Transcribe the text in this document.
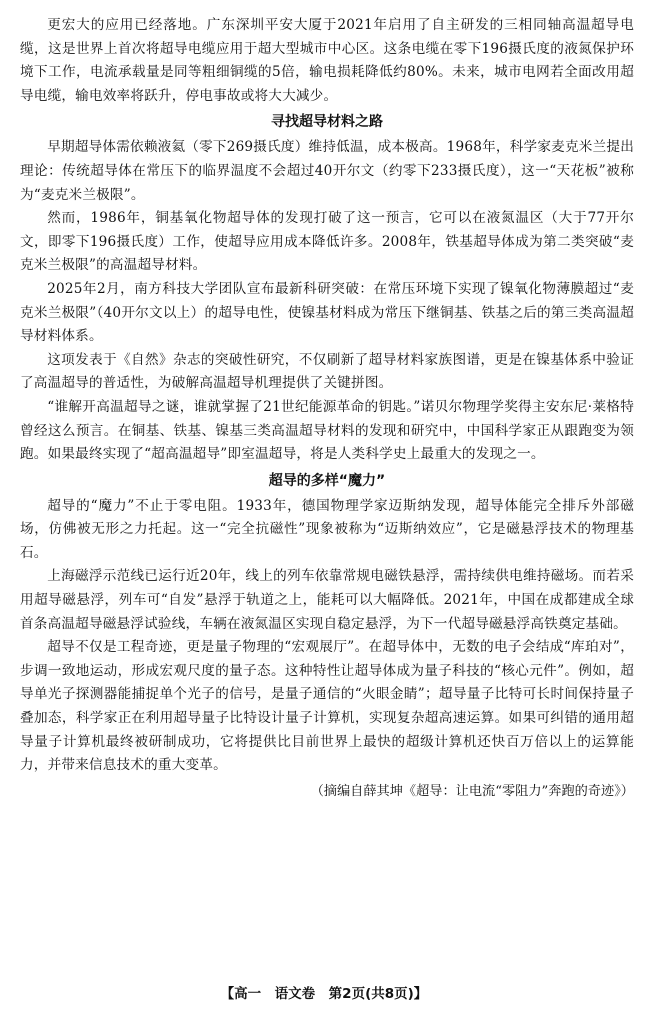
更宏大的应用已经落地。广东深圳平安大厦于2021年启用了自主研发的三相同轴高温超导电缆，这是世界上首次将超导电缆应用于超大型城市中心区。这条电缆在零下196摄氏度的液氮保护环境下工作，电流承载量是同等粗细铜缆的5倍，输电损耗降低约80%。未来，城市电网若全面改用超导电缆，输电效率将跃升，停电事故或将大大减少。

寻找超导材料之路

早期超导体需依赖液氦（零下269摄氏度）维持低温，成本极高。1968年，科学家麦克米兰提出理论：传统超导体在常压下的临界温度不会超过40开尔文（约零下233摄氏度），这一“天花板”被称为“麦克米兰极限”。

然而，1986年，铜基氧化物超导体的发现打破了这一预言，它可以在液氮温区（大于77开尔文，即零下196摄氏度）工作，使超导应用成本降低许多。2008年，铁基超导体成为第二类突破“麦克米兰极限”的高温超导材料。

2025年2月，南方科技大学团队宣布最新科研突破：在常压环境下实现了镍氧化物薄膜超过“麦克米兰极限”（40开尔文以上）的超导电性，使镍基材料成为常压下继铜基、铁基之后的第三类高温超导材料体系。

这项发表于《自然》杂志的突破性研究，不仅刷新了超导材料家族图谱，更是在镍基体系中验证了高温超导的普适性，为破解高温超导机理提供了关键拼图。

“谁解开高温超导之谜，谁就掌握了21世纪能源革命的钥匙。”诺贝尔物理学奖得主安东尼·莱格特曾经这么预言。在铜基、铁基、镍基三类高温超导材料的发现和研究中，中国科学家正从跟跑变为领跑。如果最终实现了“超高温超导”即室温超导，将是人类科学史上最重大的发现之一。

超导的多样“魔力”

超导的“魔力”不止于零电阻。1933年，德国物理学家迈斯纳发现，超导体能完全排斥外部磁场，仿佛被无形之力托起。这一“完全抗磁性”现象被称为“迈斯纳效应”，它是磁悬浮技术的物理基石。

上海磁浮示范线已运行近20年，线上的列车依靠常规电磁铁悬浮，需持续供电维持磁场。而若采用超导磁悬浮，列车可“自发”悬浮于轨道之上，能耗可以大幅降低。2021年，中国在成都建成全球首条高温超导磁悬浮试验线，车辆在液氮温区实现自稳定悬浮，为下一代超导磁悬浮高铁奠定基础。

超导不仅是工程奇迹，更是量子物理的“宏观展厅”。在超导体中，无数的电子会结成“库珀对”，步调一致地运动，形成宏观尺度的量子态。这种特性让超导体成为量子科技的“核心元件”。例如，超导单光子探测器能捕捉单个光子的信号，是量子通信的“火眼金睛”；超导量子比特可长时间保持量子叠加态，科学家正在利用超导量子比特设计量子计算机，实现复杂超高速运算。如果可纠错的通用超导量子计算机最终被研制成功，它将提供比目前世界上最快的超级计算机还快百万倍以上的运算能力，并带来信息技术的重大变革。

（摘编自薛其坤《超导：让电流“零阻力”奔跑的奇迹》）

【高一　语文卷　第2页(共8页)】
